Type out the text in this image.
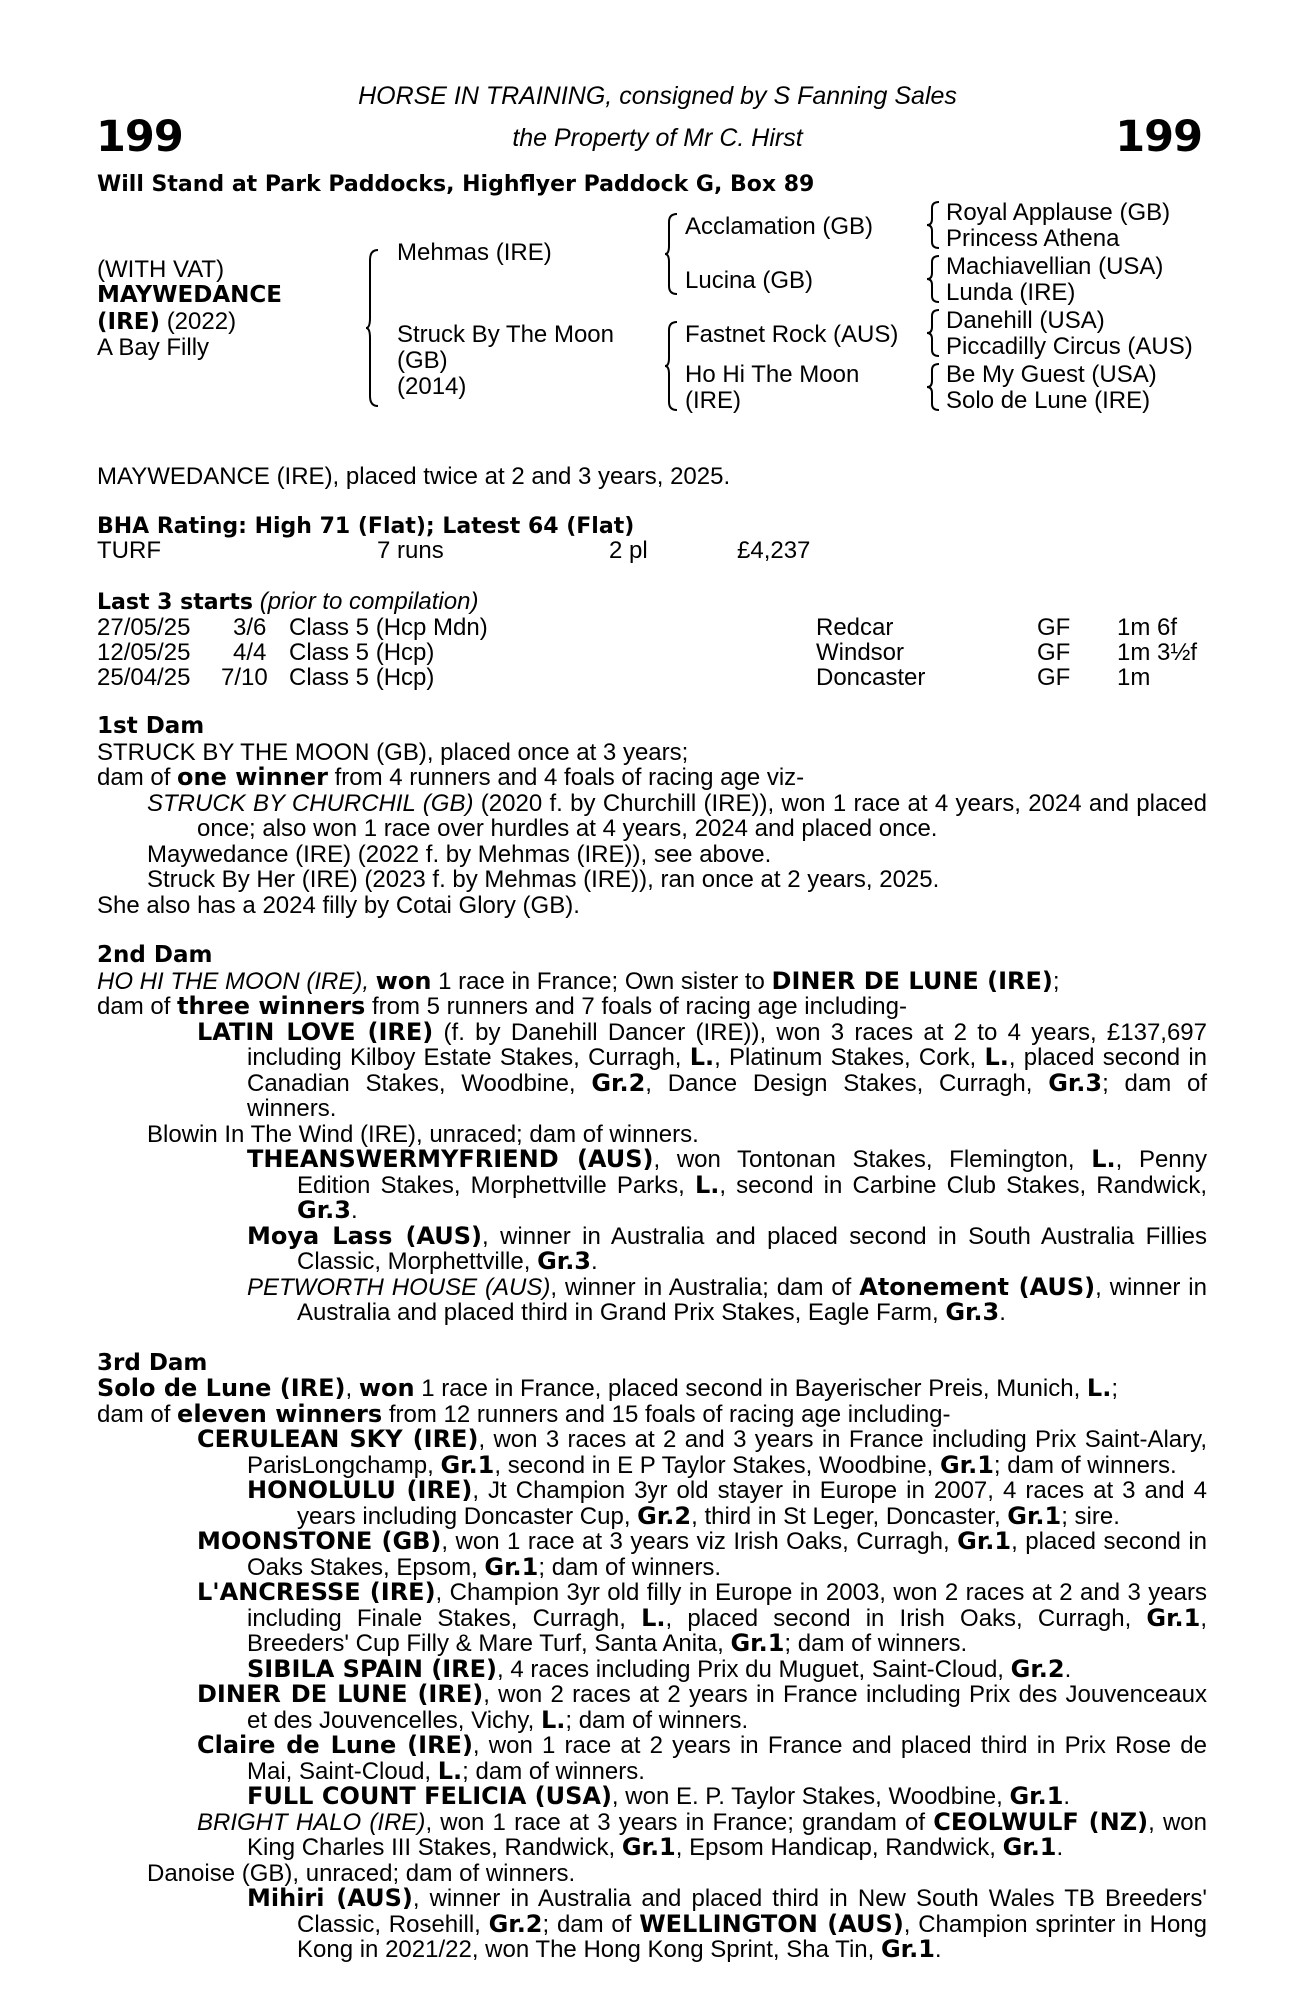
199	199
HORSE IN TRAINING, consigned by S Fanning Sales
the Property of Mr C. Hirst
Will Stand at Park Paddocks, Highflyer Paddock G, Box 89
(WITH VAT)
MAYWEDANCE
(IRE) (2022)
A Bay Filly
Mehmas (IRE)
Struck By The Moon
(GB)
(2014)
Acclamation (GB)
Lucina (GB)
Fastnet Rock (AUS)
Ho Hi The Moon
(IRE)
Royal Applause (GB)
Princess Athena
Machiavellian (USA)
Lunda (IRE)
Danehill (USA)
Piccadilly Circus (AUS)
Be My Guest (USA)
Solo de Lune (IRE)
MAYWEDANCE (IRE), placed twice at 2 and 3 years, 2025.
BHA Rating: High 71 (Flat); Latest 64 (Flat)
TURF	7 runs	2 pl	£4,237
Last 3 starts (prior to compilation)
27/05/25 3/6 Class 5 (Hcp Mdn)	Redcar	GF 1m 6f
12/05/25 4/4 Class 5 (Hcp)	Windsor	GF 1m 3½f
25/04/25 7/10 Class 5 (Hcp)	Doncaster	GF 1m
1st Dam
STRUCK BY THE MOON (GB), placed once at 3 years;
dam of one winner from 4 runners and 4 foals of racing age viz-
STRUCK BY CHURCHIL (GB) (2020 f. by Churchill (IRE)), won 1 race at 4 years, 2024 and placed once; also won 1 race over hurdles at 4 years, 2024 and placed once.
Maywedance (IRE) (2022 f. by Mehmas (IRE)), see above.
Struck By Her (IRE) (2023 f. by Mehmas (IRE)), ran once at 2 years, 2025.
She also has a 2024 filly by Cotai Glory (GB).
2nd Dam
HO HI THE MOON (IRE), won 1 race in France; Own sister to DINER DE LUNE (IRE);
dam of three winners from 5 runners and 7 foals of racing age including-
LATIN LOVE (IRE) (f. by Danehill Dancer (IRE)), won 3 races at 2 to 4 years, £137,697 including Kilboy Estate Stakes, Curragh, L., Platinum Stakes, Cork, L., placed second in Canadian Stakes, Woodbine, Gr.2, Dance Design Stakes, Curragh, Gr.3; dam of winners.
Blowin In The Wind (IRE), unraced; dam of winners.
THEANSWERMYFRIEND (AUS), won Tontonan Stakes, Flemington, L., Penny Edition Stakes, Morphettville Parks, L., second in Carbine Club Stakes, Randwick, Gr.3.
Moya Lass (AUS), winner in Australia and placed second in South Australia Fillies Classic, Morphettville, Gr.3.
PETWORTH HOUSE (AUS), winner in Australia; dam of Atonement (AUS), winner in Australia and placed third in Grand Prix Stakes, Eagle Farm, Gr.3.
3rd Dam
Solo de Lune (IRE), won 1 race in France, placed second in Bayerischer Preis, Munich, L.;
dam of eleven winners from 12 runners and 15 foals of racing age including-
CERULEAN SKY (IRE), won 3 races at 2 and 3 years in France including Prix Saint-Alary, ParisLongchamp, Gr.1, second in E P Taylor Stakes, Woodbine, Gr.1; dam of winners.
HONOLULU (IRE), Jt Champion 3yr old stayer in Europe in 2007, 4 races at 3 and 4 years including Doncaster Cup, Gr.2, third in St Leger, Doncaster, Gr.1; sire.
MOONSTONE (GB), won 1 race at 3 years viz Irish Oaks, Curragh, Gr.1, placed second in Oaks Stakes, Epsom, Gr.1; dam of winners.
L'ANCRESSE (IRE), Champion 3yr old filly in Europe in 2003, won 2 races at 2 and 3 years including Finale Stakes, Curragh, L., placed second in Irish Oaks, Curragh, Gr.1, Breeders' Cup Filly & Mare Turf, Santa Anita, Gr.1; dam of winners.
SIBILA SPAIN (IRE), 4 races including Prix du Muguet, Saint-Cloud, Gr.2.
DINER DE LUNE (IRE), won 2 races at 2 years in France including Prix des Jouvenceaux et des Jouvencelles, Vichy, L.; dam of winners.
Claire de Lune (IRE), won 1 race at 2 years in France and placed third in Prix Rose de Mai, Saint-Cloud, L.; dam of winners.
FULL COUNT FELICIA (USA), won E. P. Taylor Stakes, Woodbine, Gr.1.
BRIGHT HALO (IRE), won 1 race at 3 years in France; grandam of CEOLWULF (NZ), won King Charles III Stakes, Randwick, Gr.1, Epsom Handicap, Randwick, Gr.1.
Danoise (GB), unraced; dam of winners.
Mihiri (AUS), winner in Australia and placed third in New South Wales TB Breeders' Classic, Rosehill, Gr.2; dam of WELLINGTON (AUS), Champion sprinter in Hong Kong in 2021/22, won The Hong Kong Sprint, Sha Tin, Gr.1.
